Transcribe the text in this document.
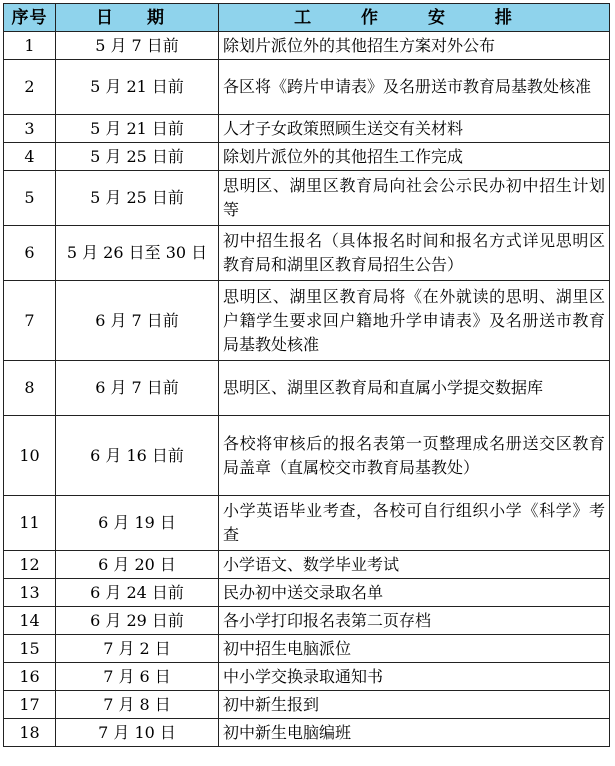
序号	日 期	工 作 安 排
1	5 月 7 日前	除划片派位外的其他招生方案对外公布
2	5 月 21 日前	各区将《跨片申请表》及名册送市教育局基教处核准
3	5 月 21 日前	人才子女政策照顾生送交有关材料
4	5 月 25 日前	除划片派位外的其他招生工作完成
5	5 月 25 日前	思明区、湖里区教育局向社会公示民办初中招生计划等
6	5 月 26 日至 30 日	初中招生报名（具体报名时间和报名方式详见思明区教育局和湖里区教育局招生公告）
7	6 月 7 日前	思明区、湖里区教育局将《在外就读的思明、湖里区户籍学生要求回户籍地升学申请表》及名册送市教育局基教处核准
8	6 月 7 日前	思明区、湖里区教育局和直属小学提交数据库
10	6 月 16 日前	各校将审核后的报名表第一页整理成名册送交区教育局盖章（直属校交市教育局基教处）
11	6 月 19 日	小学英语毕业考查，各校可自行组织小学《科学》考查
12	6 月 20 日	小学语文、数学毕业考试
13	6 月 24 日前	民办初中送交录取名单
14	6 月 29 日前	各小学打印报名表第二页存档
15	7 月 2 日	初中招生电脑派位
16	7 月 6 日	中小学交换录取通知书
17	7 月 8 日	初中新生报到
18	7 月 10 日	初中新生电脑编班
